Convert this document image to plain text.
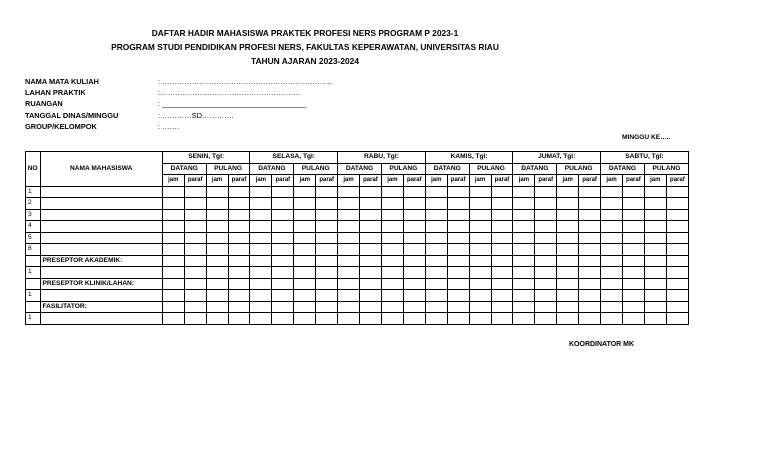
DAFTAR HADIR MAHASISWA PRAKTEK PROFESI NERS PROGRAM P 2023-1
PROGRAM STUDI PENDIDIKAN PROFESI NERS, FAKULTAS KEPERAWATAN, UNIVERSITAS RIAU
TAHUN AJARAN 2023-2024
NAMA MATA KULIAH	: ……………………………………………………………
LAHAN PRAKTIK	:…………………………………………………
RUANGAN	: ___________________________________
TANGGAL DINAS/MINGGU	: …………SD………….
GROUP/KELOMPOK	: …….
MINGGU KE…..
NO	NAMA MAHASISWA	SENIN, Tgl:				SELASA, Tgl:				RABU, Tgl:				KAMIS, Tgl:				JUMAT, Tgl:				SABTU, Tgl:			
		DATANG		PULANG		DATANG		PULANG		DATANG		PULANG		DATANG		PULANG		DATANG		PULANG		DATANG		PULANG	
		jam	paraf	jam	paraf	jam	paraf	jam	paraf	jam	paraf	jam	paraf	jam	paraf	jam	paraf	jam	paraf	jam	paraf	jam	paraf	jam	paraf
1																									
2																									
3																									
4																									
5																									
6																									
	PRESEPTOR AKADEMIK:																								
1																									
	PRESEPTOR KLINIK/LAHAN:																								
1																									
	FASILITATOR:																								
1																									
KOORDINATOR MK
